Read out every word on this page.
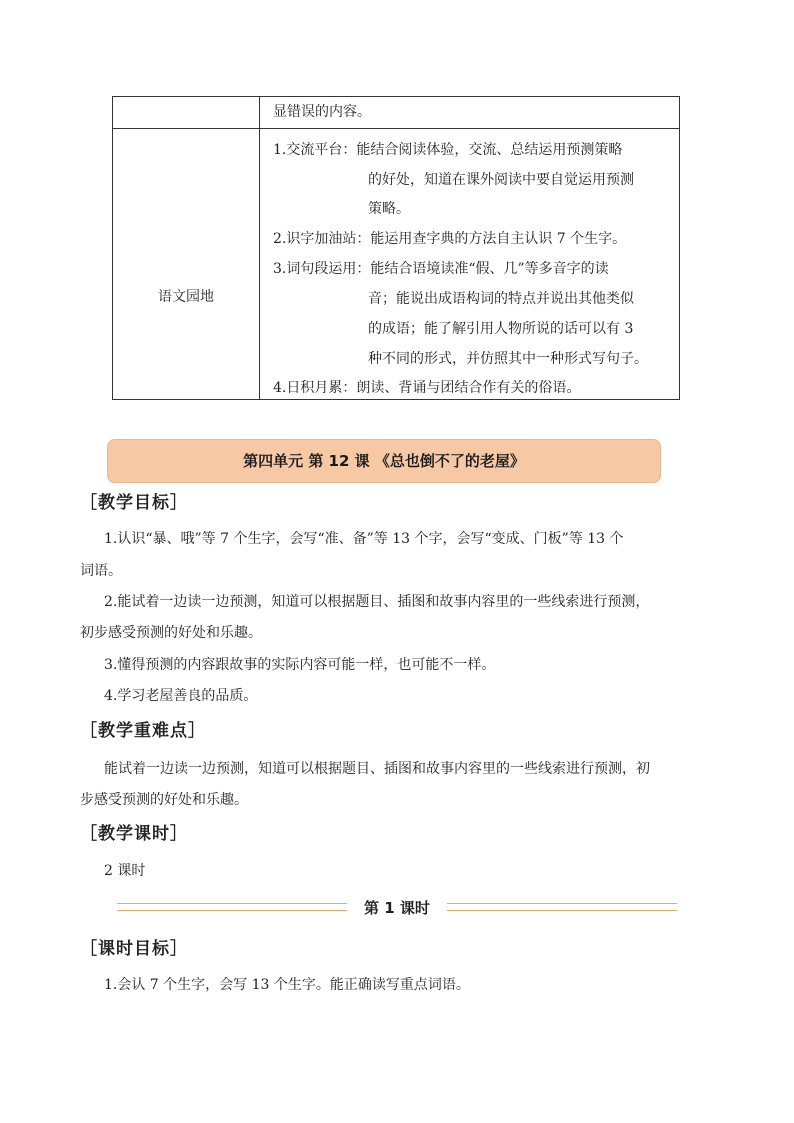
显错误的内容。
语文园地
1.交流平台：能结合阅读体验，交流、总结运用预测策略
的好处，知道在课外阅读中要自觉运用预测
策略。
2.识字加油站：能运用查字典的方法自主认识 7 个生字。
3.词句段运用：能结合语境读准“假、几”等多音字的读
音；能说出成语构词的特点并说出其他类似
的成语；能了解引用人物所说的话可以有 3
种不同的形式，并仿照其中一种形式写句子。
4.日积月累：朗读、背诵与团结合作有关的俗语。
第四单元 第 12 课 《总也倒不了的老屋》
［教学目标］
1.认识“暴、哦”等 7 个生字，会写“准、备”等 13 个字，会写“变成、门板”等 13 个
词语。
2.能试着一边读一边预测，知道可以根据题目、插图和故事内容里的一些线索进行预测，
初步感受预测的好处和乐趣。
3.懂得预测的内容跟故事的实际内容可能一样，也可能不一样。
4.学习老屋善良的品质。
［教学重难点］
能试着一边读一边预测，知道可以根据题目、插图和故事内容里的一些线索进行预测，初
步感受预测的好处和乐趣。
［教学课时］
2 课时
第 1 课时
［课时目标］
1.会认 7 个生字，会写 13 个生字。能正确读写重点词语。
